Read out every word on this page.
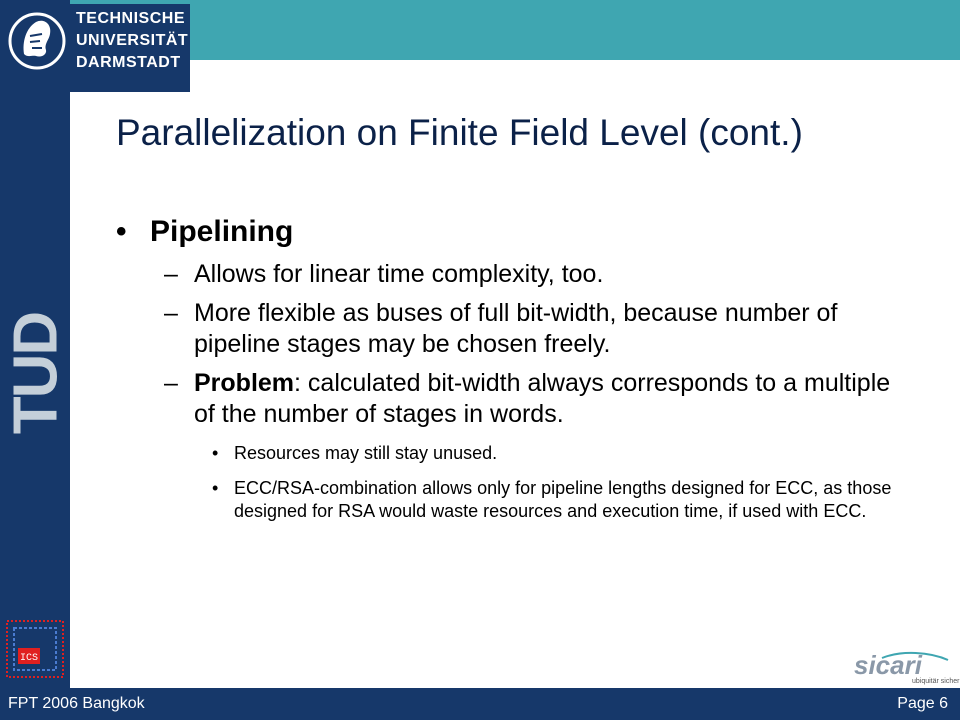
TECHNISCHE
UNIVERSITÄT
DARMSTADT
TUD
ICS
Parallelization on Finite Field Level (cont.)
• Pipelining
– Allows for linear time complexity, too.
– More flexible as buses of full bit-width, because number of pipeline stages may be chosen freely.
– Problem: calculated bit-width always corresponds to a multiple of the number of stages in words.
• Resources may still stay unused.
• ECC/RSA-combination allows only for pipeline lengths designed for ECC, as those designed for RSA would waste resources and execution time, if used with ECC.
sicari
ubiquitär sicher
FPT 2006 Bangkok	Page 6
